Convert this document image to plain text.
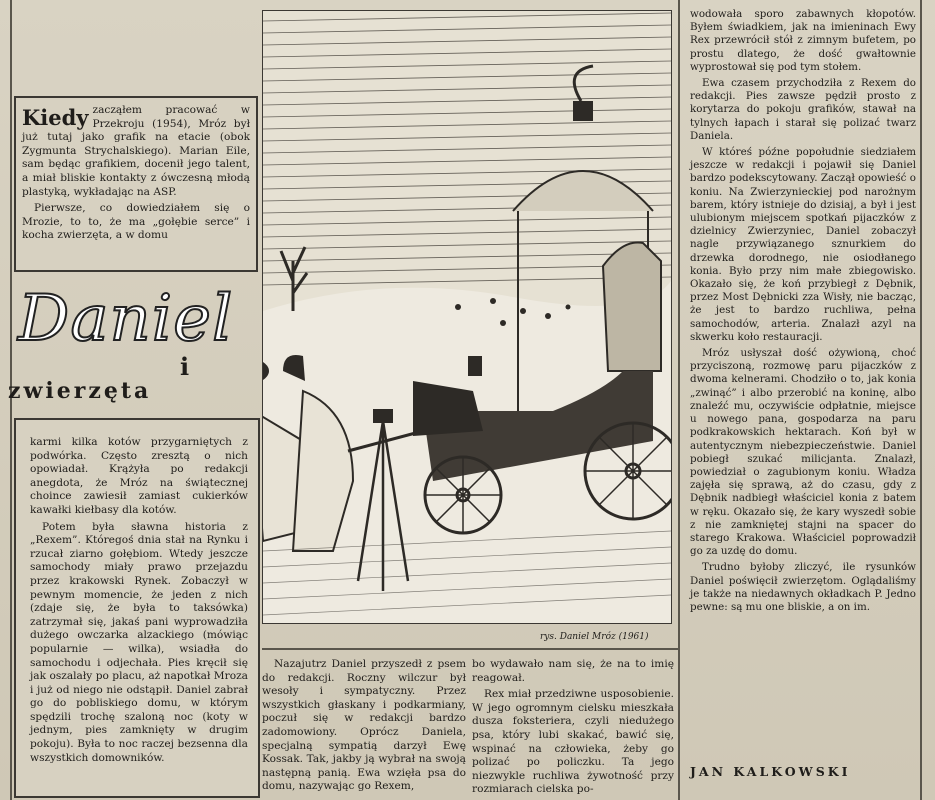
Kiedy zacząłem pracować w Przekroju (1954), Mróz był już tutaj jako grafik na etacie (obok Zygmunta Strychalskiego). Marian Eile, sam będąc grafikiem, docenił jego talent, a miał bliskie kontakty z ówczesną młodą plastyką, wykładając na ASP.

Pierwsze, co dowiedziałem się o Mrozie, to to, że ma „gołębie serce” i kocha zwierzęta, a w domu

Daniel
i
zwierzęta
rys. Daniel Mróz (1961)

karmi kilka kotów przygarniętych z podwórka. Często zresztą o nich opowiadał. Krążyła po redakcji anegdota, że Mróz na świątecznej choince zawiesił zamiast cukierków kawałki kiełbasy dla kotów.

Potem była sławna historia z „Rexem”. Któregoś dnia stał na Rynku i rzucał ziarno gołębiom. Wtedy jeszcze samochody miały prawo przejazdu przez krakowski Rynek. Zobaczył w pewnym momencie, że jeden z nich (zdaje się, że była to taksówka) zatrzymał się, jakaś pani wyprowadziła dużego owczarka alzackiego (mówiąc popularnie — wilka), wsiadła do samochodu i odjechała. Pies kręcił się jak oszalały po placu, aż napotkał Mroza i już od niego nie odstąpił. Daniel zabrał go do pobliskiego domu, w którym spędzili trochę szaloną noc (koty w jednym, pies zamknięty w drugim pokoju). Była to noc raczej bezsenna dla wszystkich domowników.

Nazajutrz Daniel przyszedł z psem do redakcji. Roczny wilczur był wesoły i sympatyczny. Przez wszystkich głaskany i podkarmiany, poczuł się w redakcji bardzo zadomowiony. Oprócz Daniela, specjalną sympatią darzył Ewę Kossak. Tak, jakby ją wybrał na swoją następną panią. Ewa wzięła psa do domu, nazywając go Rexem,

bo wydawało nam się, że na to imię reagował.

Rex miał przedziwne usposobienie. W jego ogromnym cielsku mieszkała dusza foksteriera, czyli niedużego psa, który lubi skakać, bawić się, wspinać na człowieka, żeby go polizać po policzku. Ta jego niezwykle ruchliwa żywotność przy rozmiarach cielska po-

wodowała sporo zabawnych kłopotów. Byłem świadkiem, jak na imieninach Ewy Rex przewrócił stół z zimnym bufetem, po prostu dlatego, że dość gwałtownie wyprostował się pod tym stołem.

Ewa czasem przychodziła z Rexem do redakcji. Pies zawsze pędził prosto z korytarza do pokoju grafików, stawał na tylnych łapach i starał się polizać twarz Daniela.

W któreś późne popołudnie siedziałem jeszcze w redakcji i pojawił się Daniel bardzo podekscytowany. Zaczął opowieść o koniu. Na Zwierzynieckiej pod narożnym barem, który istnieje do dzisiaj, a był i jest ulubionym miejscem spotkań pijaczków z dzielnicy Zwierzyniec, Daniel zobaczył nagle przywiązanego sznurkiem do drzewka dorodnego, nie osiodłanego konia. Było przy nim małe zbiegowisko. Okazało się, że koń przybiegł z Dębnik, przez Most Dębnicki zza Wisły, nie bacząc, że jest to bardzo ruchliwa, pełna samochodów, arteria. Znalazł azyl na skwerku koło restauracji.

Mróz usłyszał dość ożywioną, choć przyciszoną, rozmowę paru pijaczków z dwoma kelnerami. Chodziło o to, jak konia „zwinąć” i albo przerobić na koninę, albo znaleźć mu, oczywiście odpłatnie, miejsce u nowego pana, gospodarza na paru podkrakowskich hektarach. Koń był w autentycznym niebezpieczeństwie. Daniel pobiegł szukać milicjanta. Znalazł, powiedział o zagubionym koniu. Władza zajęła się sprawą, aż do czasu, gdy z Dębnik nadbiegł właściciel konia z batem w ręku. Okazało się, że kary wyszedł sobie z nie zamkniętej stajni na spacer do starego Krakowa. Właściciel poprowadził go za uzdę do domu.

Trudno byłoby zliczyć, ile rysunków Daniel poświęcił zwierzętom. Oglądaliśmy je także na niedawnych okładkach P. Jedno pewne: są mu one bliskie, a on im.

JAN KALKOWSKI
